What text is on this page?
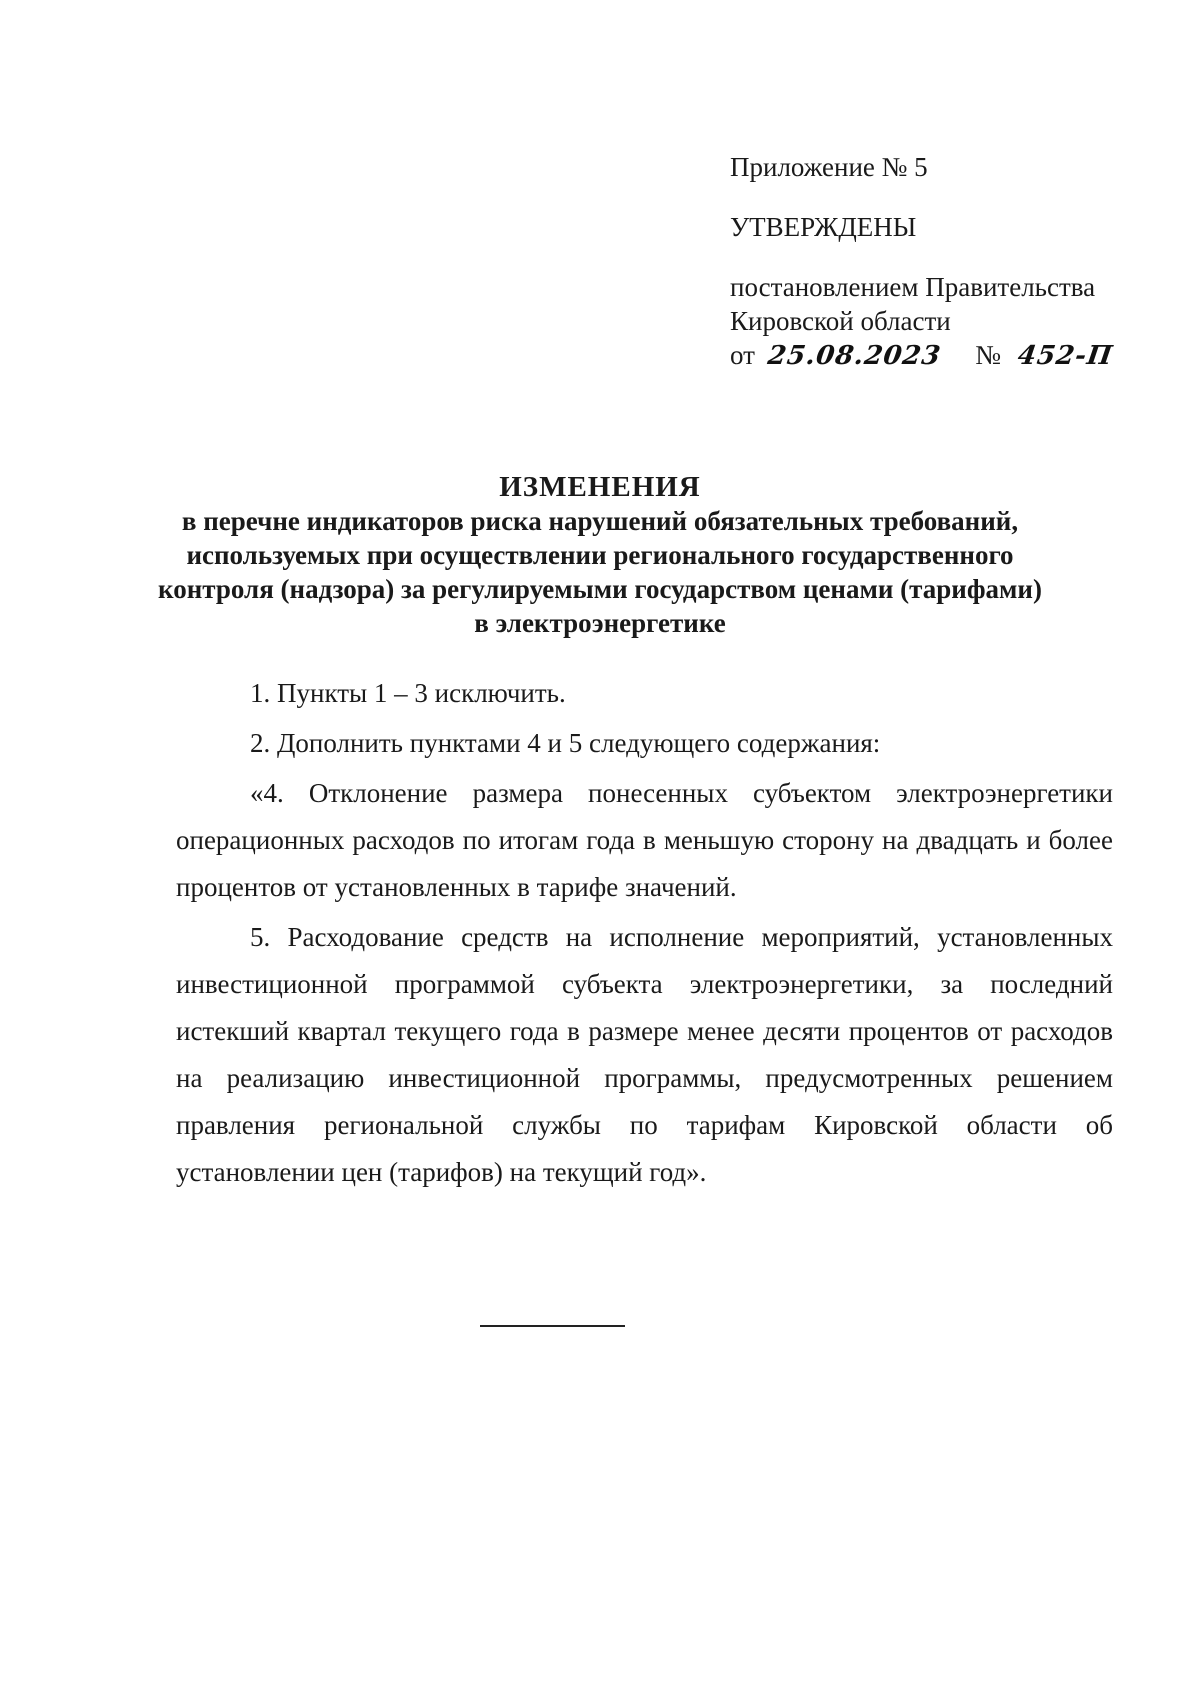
Приложение № 5
УТВЕРЖДЕНЫ
постановлением Правительства
Кировской области
от 25.08.2023 № 452-П
ИЗМЕНЕНИЯ
в перечне индикаторов риска нарушений обязательных требований,
используемых при осуществлении регионального государственного
контроля (надзора) за регулируемыми государством ценами (тарифами)
в электроэнергетике

1. Пункты 1 – 3 исключить.

2. Дополнить пунктами 4 и 5 следующего содержания:

«4. Отклонение размера понесенных субъектом электроэнергетики операционных расходов по итогам года в меньшую сторону на двадцать и более процентов от установленных в тарифе значений.

5. Расходование средств на исполнение мероприятий, установленных инвестиционной программой субъекта электроэнергетики, за последний истекший квартал текущего года в размере менее десяти процентов от расходов на реализацию инвестиционной программы, предусмотренных решением правления региональной службы по тарифам Кировской области об установлении цен (тарифов) на текущий год».
